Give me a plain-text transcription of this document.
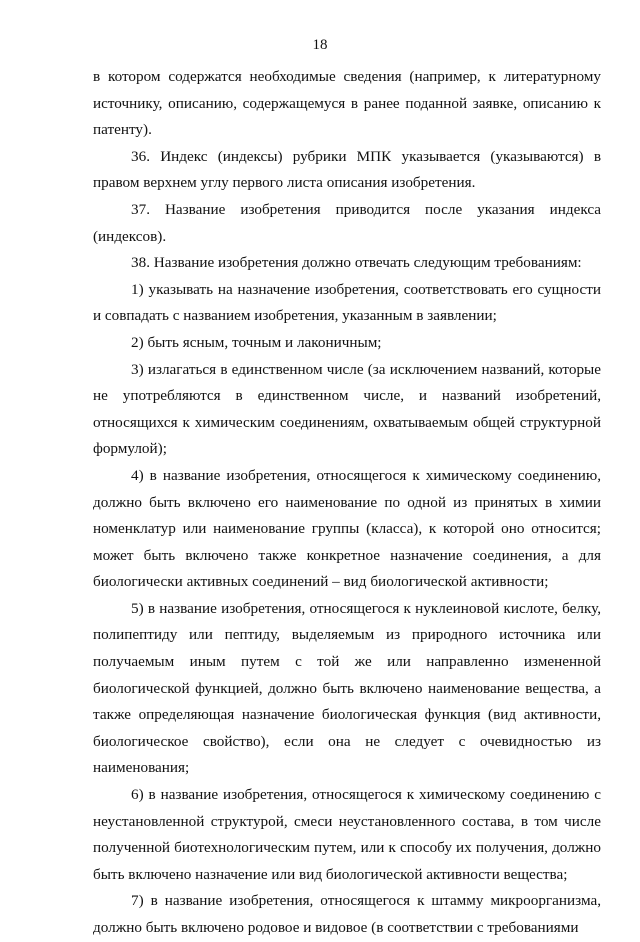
18

в котором содержатся необходимые сведения (например, к литературному источнику, описанию, содержащемуся в ранее поданной заявке, описанию к патенту).

36. Индекс (индексы) рубрики МПК указывается (указываются) в правом верхнем углу первого листа описания изобретения.

37. Название изобретения приводится после указания индекса (индексов).

38. Название изобретения должно отвечать следующим требованиям:

1) указывать на назначение изобретения, соответствовать его сущности и совпадать с названием изобретения, указанным в заявлении;

2) быть ясным, точным и лаконичным;

3) излагаться в единственном числе (за исключением названий, которые не употребляются в единственном числе, и названий изобретений, относящихся к химическим соединениям, охватываемым общей структурной формулой);

4) в название изобретения, относящегося к химическому соединению, должно быть включено его наименование по одной из принятых в химии номенклатур или наименование группы (класса), к которой оно относится; может быть включено также конкретное назначение соединения, а для биологически активных соединений – вид биологической активности;

5) в название изобретения, относящегося к нуклеиновой кислоте, белку, полипептиду или пептиду, выделяемым из природного источника или получаемым иным путем с той же или направленно измененной биологической функцией, должно быть включено наименование вещества, а также определяющая назначение биологическая функция (вид активности, биологическое свойство), если она не следует с очевидностью из наименования;

6) в название изобретения, относящегося к химическому соединению с неустановленной структурой, смеси неустановленного состава, в том числе полученной биотехнологическим путем, или к способу их получения, должно быть включено назначение или вид биологической активности вещества;

7) в название изобретения, относящегося к штамму микроорганизма, должно быть включено родовое и видовое (в соответствии с требованиями
